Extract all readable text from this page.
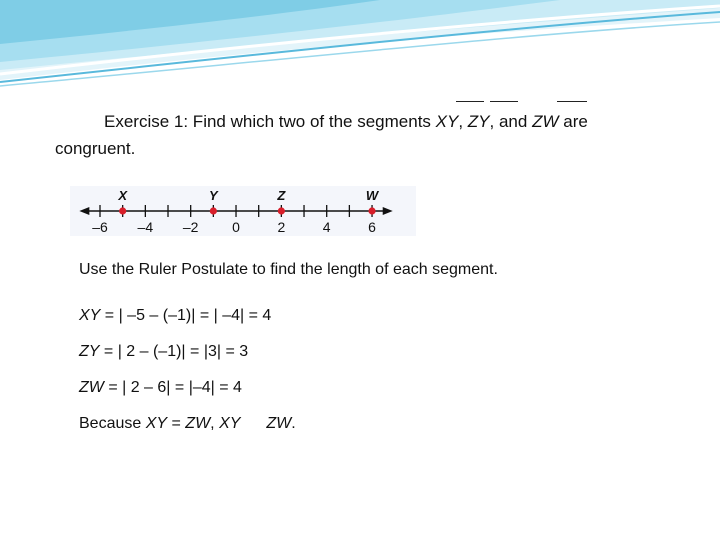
Exercise 1: Find which two of the segments XY, ZY, and ZW are
congruent.
–6 –4 –2 0	2	4	6
X	Y	Z	W
Use the Ruler Postulate to find the length of each segment.
XY = | –5 – (–1)| = | –4| = 4
ZY = | 2 – (–1)| = |3| = 3
ZW = | 2 – 6| = |–4| = 4
Because XY = ZW, XY ZW.
